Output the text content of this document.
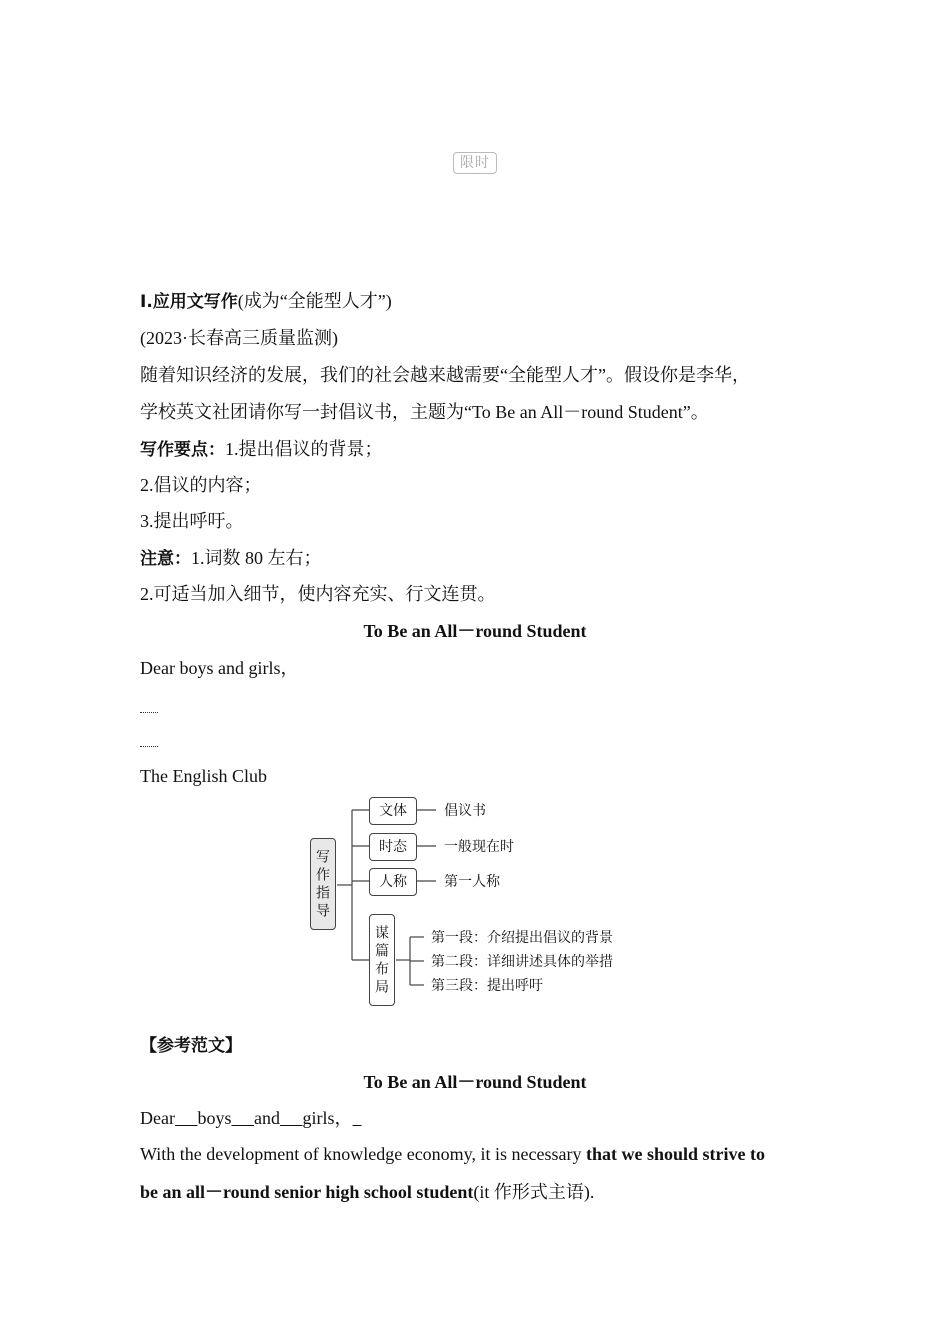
限时
Ⅰ.应用文写作(成为“全能型人才”)
(2023·长春高三质量监测)
随着知识经济的发展，我们的社会越来越需要“全能型人才”。假设你是李华，
学校英文社团请你写一封倡议书，主题为“To Be an All－round Student”。
写作要点：1.提出倡议的背景；
2.倡议的内容；
3.提出呼吁。
注意：1.词数 80 左右；
2.可适当加入细节，使内容充实、行文连贯。
To Be an All－round Student
Dear boys and girls，
The English Club
写作指导
文体	倡议书
时态	一般现在时
人称	第一人称
谋篇布局	第一段：介绍提出倡议的背景
第二段：详细讲述具体的举措
第三段：提出呼吁
【参考范文】
To Be an All－round Student
Dear boys and girls，
With the development of knowledge economy, it is necessary that we should strive to
be an all－round senior high school student(it 作形式主语).
